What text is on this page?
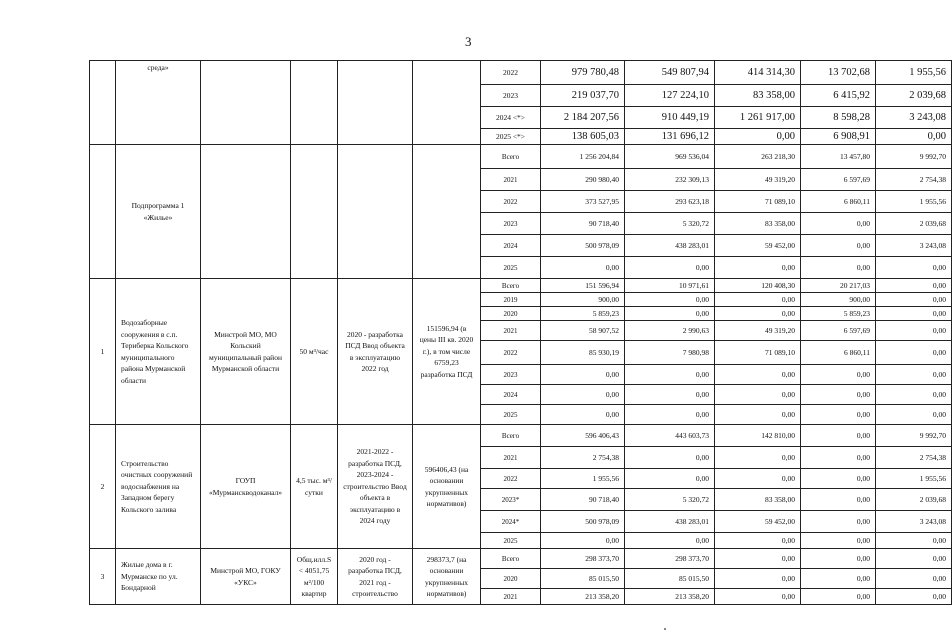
3
	среда»					2022	979 780,48	549 807,94	414 314,30	13 702,68	1 955,56
						2023	219 037,70	127 224,10	83 358,00	6 415,92	2 039,68
						2024 <*>	2 184 207,56	910 449,19	1 261 917,00	8 598,28	3 243,08
						2025 <*>	138 605,03	131 696,12	0,00	6 908,91	0,00
	Подпрограмма 1 «Жилье»					Всего	1 256 204,84	969 536,04	263 218,30	13 457,80	9 992,70
						2021	290 980,40	232 309,13	49 319,20	6 597,69	2 754,38
						2022	373 527,95	293 623,18	71 089,10	6 860,11	1 955,56
						2023	90 718,40	5 320,72	83 358,00	0,00	2 039,68
						2024	500 978,09	438 283,01	59 452,00	0,00	3 243,08
						2025	0,00	0,00	0,00	0,00	0,00
1	Водозаборные сооружения в с.п. Териберка Кольского муниципального района Мурманской области	Минстрой МО, МО Кольский муниципальный район Мурманской области	50 м³/час	2020 - разработка ПСД Ввод объекта в эксплуатацию 2022 год	151596,94 (в цены III кв. 2020 г.), в том числе 6759,23 разработка ПСД	Всего	151 596,94	10 971,61	120 408,30	20 217,03	0,00
						2019	900,00	0,00	0,00	900,00	0,00
						2020	5 859,23	0,00	0,00	5 859,23	0,00
						2021	58 907,52	2 990,63	49 319,20	6 597,69	0,00
						2022	85 930,19	7 980,98	71 089,10	6 860,11	0,00
						2023	0,00	0,00	0,00	0,00	0,00
						2024	0,00	0,00	0,00	0,00	0,00
						2025	0,00	0,00	0,00	0,00	0,00
2	Строительство очистных сооружений водоснабжения на Западном берегу Кольского залива	ГОУП «Мурманскводоканал»	4,5 тыс. м³/сутки	2021-2022 - разработка ПСД, 2023-2024 - строительство Ввод объекта в эксплуатацию в 2024 году	596406,43 (на основании укрупненных нормативов)	Всего	596 406,43	443 603,73	142 810,00	0,00	9 992,70
						2021	2 754,38	0,00	0,00	0,00	2 754,38
						2022	1 955,56	0,00	0,00	0,00	1 955,56
						2023*	90 718,40	5 320,72	83 358,00	0,00	2 039,68
						2024*	500 978,09	438 283,01	59 452,00	0,00	3 243,08
						2025	0,00	0,00	0,00	0,00	0,00
3	Жилые дома в г. Мурманске по ул. Бондарной	Минстрой МО, ГОКУ «УКС»	Общ.илл.S < 4051,75 м²/100 квартир	2020 год - разработка ПСД, 2021 год - строительство	298373,7 (на основании укрупненных нормативов)	Всего	298 373,70	298 373,70	0,00	0,00	0,00
						2020	85 015,50	85 015,50	0,00	0,00	0,00
						2021	213 358,20	213 358,20	0,00	0,00	0,00
